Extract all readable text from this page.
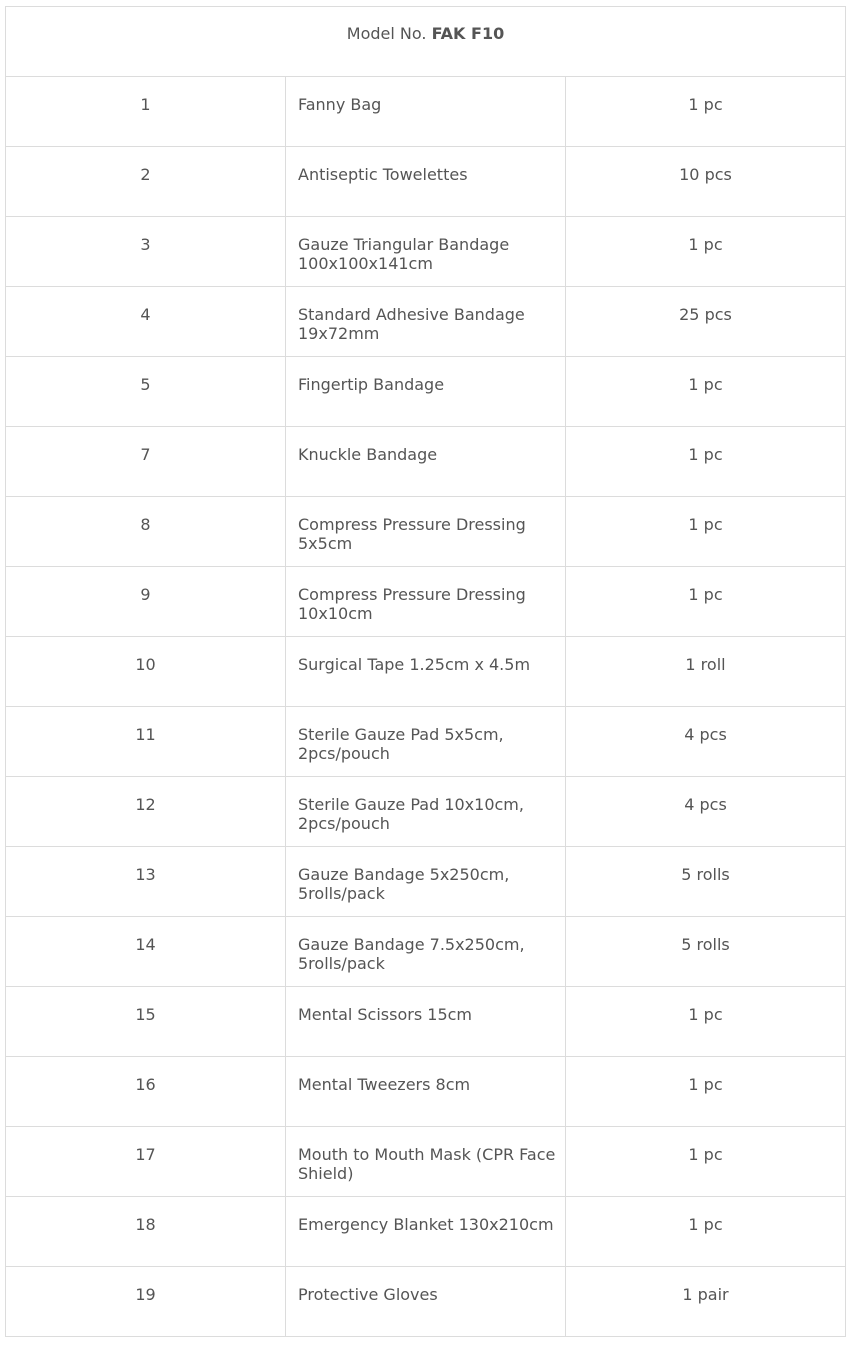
Model No. FAK F10		
1	Fanny Bag	1 pc
2	Antiseptic Towelettes	10 pcs
3	Gauze Triangular Bandage 100x100x141cm	1 pc
4	Standard Adhesive Bandage 19x72mm	25 pcs
5	Fingertip Bandage	1 pc
7	Knuckle Bandage	1 pc
8	Compress Pressure Dressing 5x5cm	1 pc
9	Compress Pressure Dressing 10x10cm	1 pc
10	Surgical Tape 1.25cm x 4.5m	1 roll
11	Sterile Gauze Pad 5x5cm, 2pcs/pouch	4 pcs
12	Sterile Gauze Pad 10x10cm, 2pcs/pouch	4 pcs
13	Gauze Bandage 5x250cm, 5rolls/pack	5 rolls
14	Gauze Bandage 7.5x250cm, 5rolls/pack	5 rolls
15	Mental Scissors 15cm	1 pc
16	Mental Tweezers 8cm	1 pc
17	Mouth to Mouth Mask (CPR Face Shield)	1 pc
18	Emergency Blanket 130x210cm	1 pc
19	Protective Gloves	1 pair
